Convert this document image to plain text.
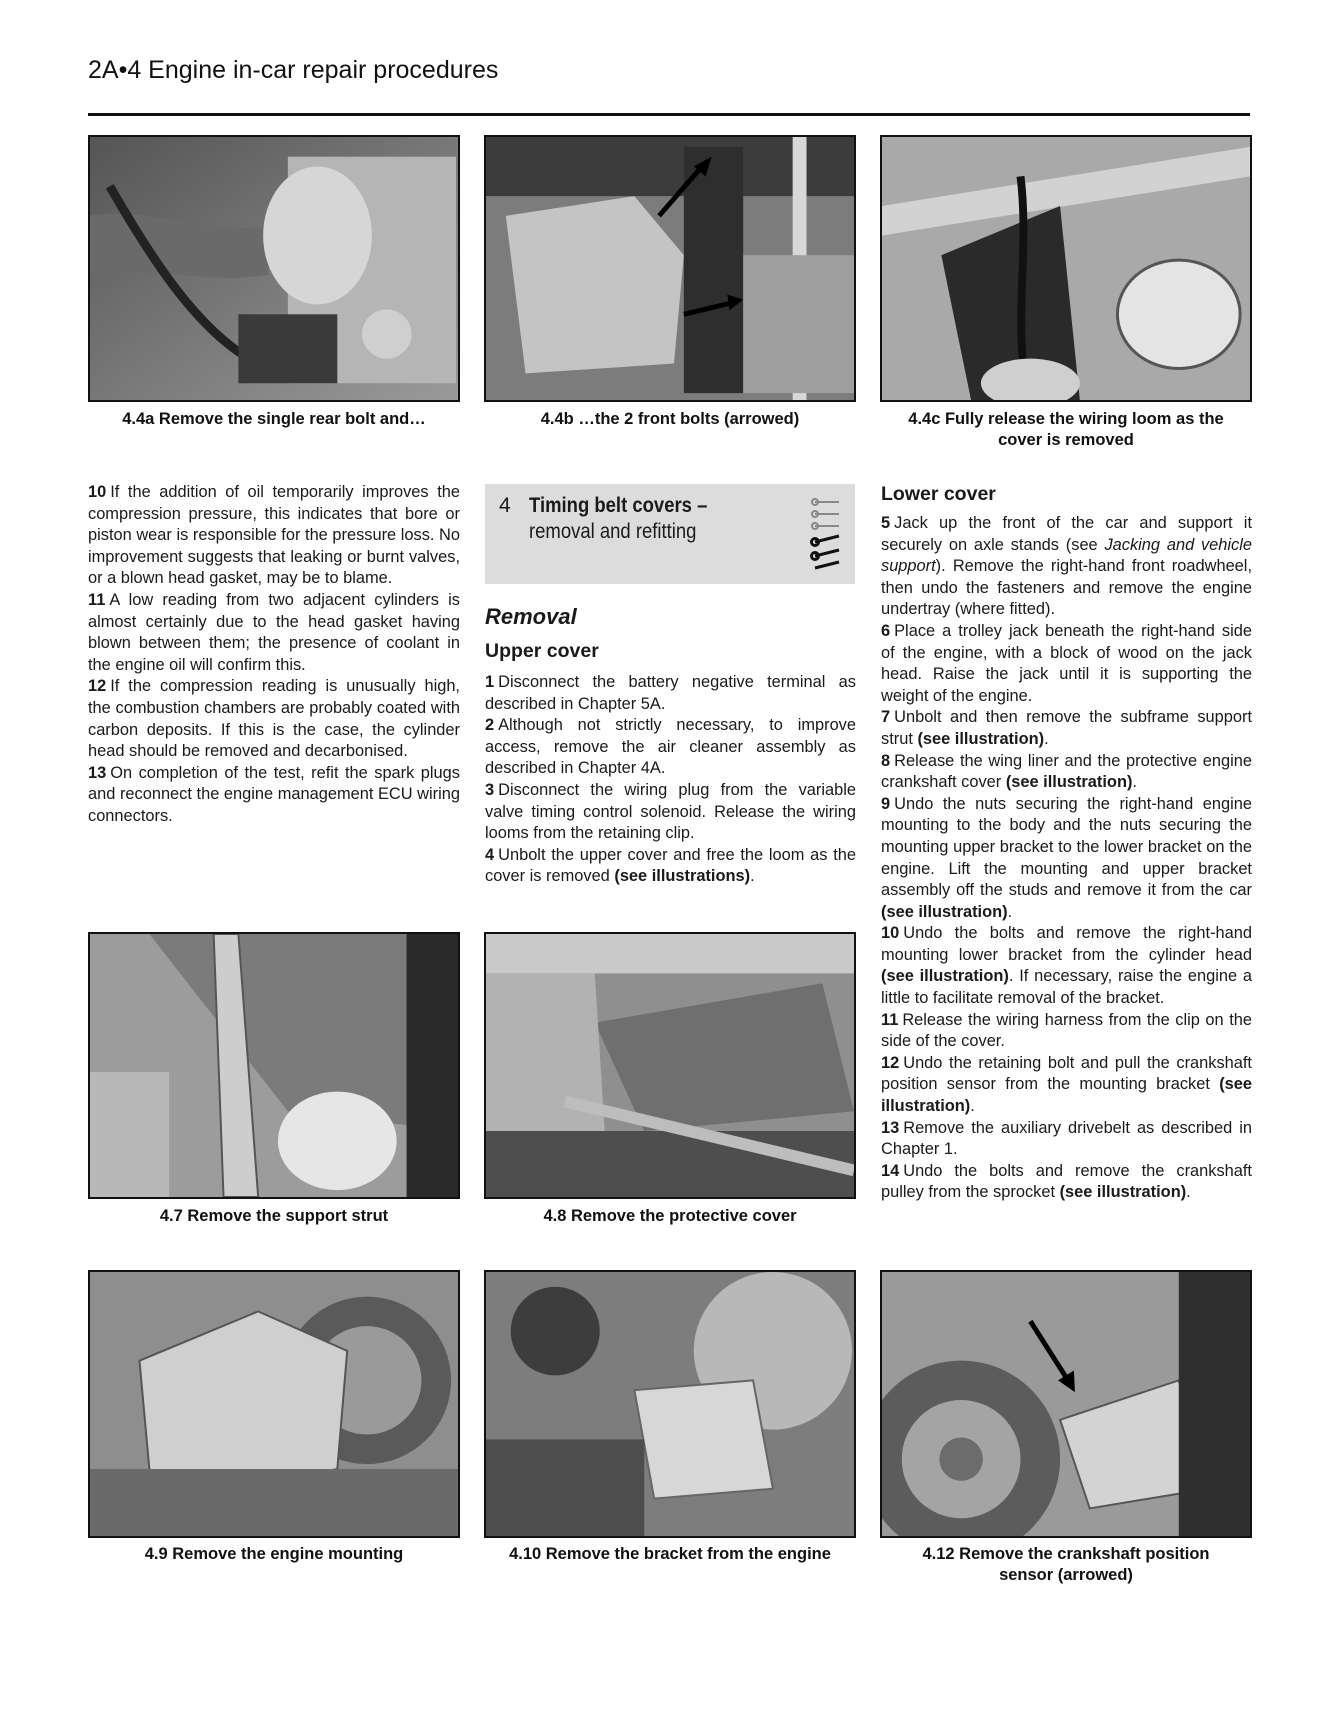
2A•4 Engine in-car repair procedures
4.4a Remove the single rear bolt and…	4.4b …the 2 front bolts (arrowed)	4.4c Fully release the wiring loom as the
cover is removed

10 If the addition of oil temporarily improves the compression pressure, this indicates that bore or piston wear is responsible for the pressure loss. No improvement suggests that leaking or burnt valves, or a blown head gasket, may be to blame.

11 A low reading from two adjacent cylinders is almost certainly due to the head gasket having blown between them; the presence of coolant in the engine oil will confirm this.

12 If the compression reading is unusually high, the combustion chambers are probably coated with carbon deposits. If this is the case, the cylinder head should be removed and decarbonised.

13 On completion of the test, refit the spark plugs and reconnect the engine management ECU wiring connectors.

4 Timing belt covers –
removal and refitting
Removal
Upper cover

1 Disconnect the battery negative terminal as described in Chapter 5A.

2 Although not strictly necessary, to improve access, remove the air cleaner assembly as described in Chapter 4A.

3 Disconnect the wiring plug from the variable valve timing control solenoid. Release the wiring looms from the retaining clip.

4 Unbolt the upper cover and free the loom as the cover is removed (see illustrations).

Lower cover

5 Jack up the front of the car and support it securely on axle stands (see Jacking and vehicle support). Remove the right-hand front roadwheel, then undo the fasteners and remove the engine undertray (where fitted).

6 Place a trolley jack beneath the right-hand side of the engine, with a block of wood on the jack head. Raise the jack until it is supporting the weight of the engine.

7 Unbolt and then remove the subframe support strut (see illustration).

8 Release the wing liner and the protective engine crankshaft cover (see illustration).

9 Undo the nuts securing the right-hand engine mounting to the body and the nuts securing the mounting upper bracket to the lower bracket on the engine. Lift the mounting and upper bracket assembly off the studs and remove it from the car (see illustration).

10 Undo the bolts and remove the right-hand mounting lower bracket from the cylinder head (see illustration). If necessary, raise the engine a little to facilitate removal of the bracket.

11 Release the wiring harness from the clip on the side of the cover.

12 Undo the retaining bolt and pull the crankshaft position sensor from the mounting bracket (see illustration).

13 Remove the auxiliary drivebelt as described in Chapter 1.

14 Undo the bolts and remove the crankshaft pulley from the sprocket (see illustration).

4.7 Remove the support strut	4.8 Remove the protective cover
4.9 Remove the engine mounting	4.10 Remove the bracket from the engine	4.12 Remove the crankshaft position
sensor (arrowed)
